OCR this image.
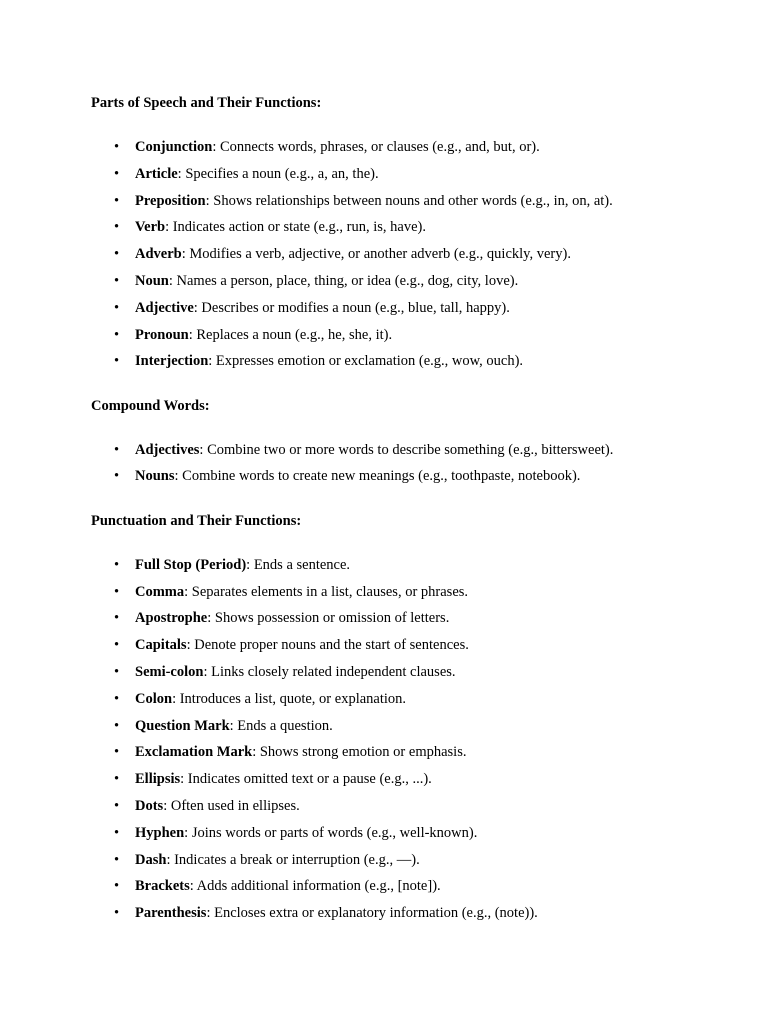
Parts of Speech and Their Functions:

• Conjunction: Connects words, phrases, or clauses (e.g., and, but, or).
• Article: Specifies a noun (e.g., a, an, the).
• Preposition: Shows relationships between nouns and other words (e.g., in, on, at).
• Verb: Indicates action or state (e.g., run, is, have).
• Adverb: Modifies a verb, adjective, or another adverb (e.g., quickly, very).
• Noun: Names a person, place, thing, or idea (e.g., dog, city, love).
• Adjective: Describes or modifies a noun (e.g., blue, tall, happy).
• Pronoun: Replaces a noun (e.g., he, she, it).
• Interjection: Expresses emotion or exclamation (e.g., wow, ouch).

Compound Words:

• Adjectives: Combine two or more words to describe something (e.g., bittersweet).
• Nouns: Combine words to create new meanings (e.g., toothpaste, notebook).

Punctuation and Their Functions:

• Full Stop (Period): Ends a sentence.
• Comma: Separates elements in a list, clauses, or phrases.
• Apostrophe: Shows possession or omission of letters.
• Capitals: Denote proper nouns and the start of sentences.
• Semi-colon: Links closely related independent clauses.
• Colon: Introduces a list, quote, or explanation.
• Question Mark: Ends a question.
• Exclamation Mark: Shows strong emotion or emphasis.
• Ellipsis: Indicates omitted text or a pause (e.g., ...).
• Dots: Often used in ellipses.
• Hyphen: Joins words or parts of words (e.g., well-known).
• Dash: Indicates a break or interruption (e.g., —).
• Brackets: Adds additional information (e.g., [note]).
• Parenthesis: Encloses extra or explanatory information (e.g., (note)).
